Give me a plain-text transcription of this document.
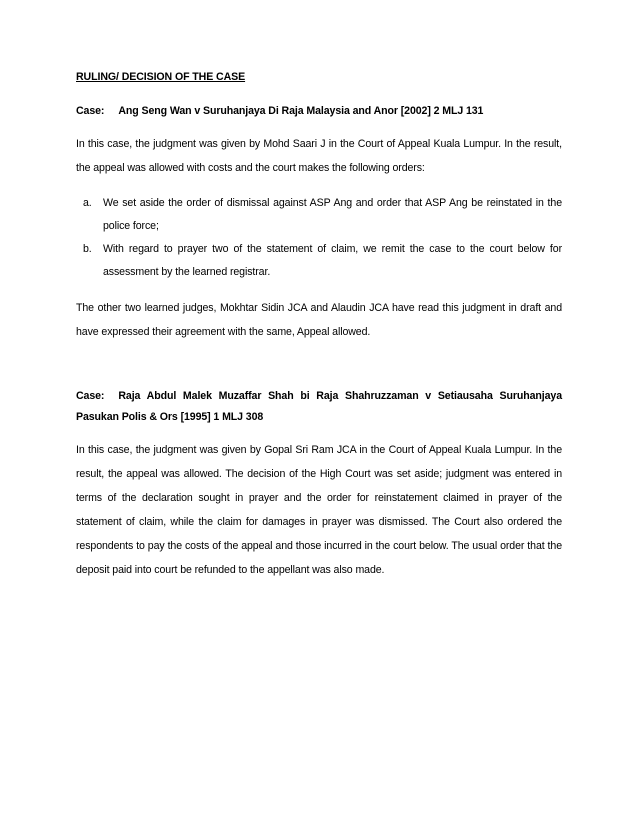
RULING/ DECISION OF THE CASE

Case: Ang Seng Wan v Suruhanjaya Di Raja Malaysia and Anor [2002] 2 MLJ 131

In this case, the judgment was given by Mohd Saari J in the Court of Appeal Kuala Lumpur. In the result, the appeal was allowed with costs and the court makes the following orders:

a.	We set aside the order of dismissal against ASP Ang and order that ASP Ang be reinstated in the police force;
b.	With regard to prayer two of the statement of claim, we remit the case to the court below for assessment by the learned registrar.

The other two learned judges, Mokhtar Sidin JCA and Alaudin JCA have read this judgment in draft and have expressed their agreement with the same, Appeal allowed.

Case: Raja Abdul Malek Muzaffar Shah bi Raja Shahruzzaman v Setiausaha Suruhanjaya Pasukan Polis & Ors [1995] 1 MLJ 308

In this case, the judgment was given by Gopal Sri Ram JCA in the Court of Appeal Kuala Lumpur. In the result, the appeal was allowed. The decision of the High Court was set aside; judgment was entered in terms of the declaration sought in prayer and the order for reinstatement claimed in prayer of the statement of claim, while the claim for damages in prayer was dismissed. The Court also ordered the respondents to pay the costs of the appeal and those incurred in the court below. The usual order that the deposit paid into court be refunded to the appellant was also made.
